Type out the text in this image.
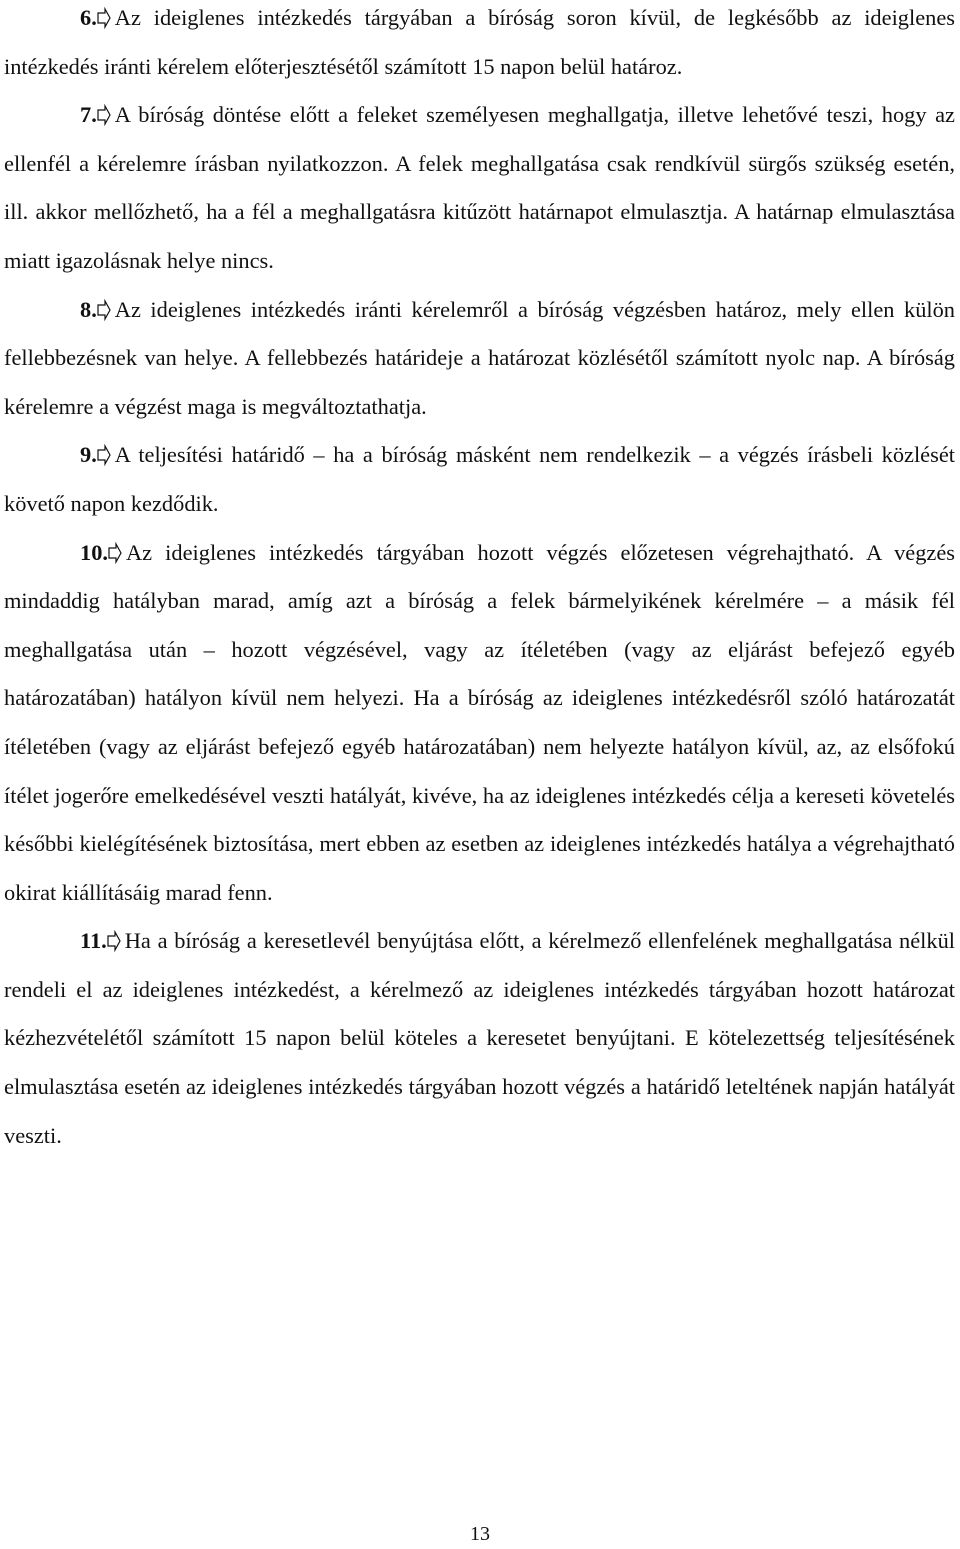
6. Az ideiglenes intézkedés tárgyában a bíróság soron kívül, de legkésőbb az ideiglenes intézkedés iránti kérelem előterjesztésétől számított 15 napon belül határoz.

7. A bíróság döntése előtt a feleket személyesen meghallgatja, illetve lehetővé teszi, hogy az ellenfél a kérelemre írásban nyilatkozzon. A felek meghallgatása csak rendkívül sürgős szükség esetén, ill. akkor mellőzhető, ha a fél a meghallgatásra kitűzött határnapot elmulasztja. A határnap elmulasztása miatt igazolásnak helye nincs.

8. Az ideiglenes intézkedés iránti kérelemről a bíróság végzésben határoz, mely ellen külön fellebbezésnek van helye. A fellebbezés határideje a határozat közlésétől számított nyolc nap. A bíróság kérelemre a végzést maga is megváltoztathatja.

9. A teljesítési határidő – ha a bíróság másként nem rendelkezik – a végzés írásbeli közlését követő napon kezdődik.

10. Az ideiglenes intézkedés tárgyában hozott végzés előzetesen végrehajtható. A végzés mindaddig hatályban marad, amíg azt a bíróság a felek bármelyikének kérelmére – a másik fél meghallgatása után – hozott végzésével, vagy az ítéletében (vagy az eljárást befejező egyéb határozatában) hatályon kívül nem helyezi. Ha a bíróság az ideiglenes intézkedésről szóló határozatát ítéletében (vagy az eljárást befejező egyéb határozatában) nem helyezte hatályon kívül, az, az elsőfokú ítélet jogerőre emelkedésével veszti hatályát, kivéve, ha az ideiglenes intézkedés célja a kereseti követelés későbbi kielégítésének biztosítása, mert ebben az esetben az ideiglenes intézkedés hatálya a végrehajtható okirat kiállításáig marad fenn.

11. Ha a bíróság a keresetlevél benyújtása előtt, a kérelmező ellenfelének meghallgatása nélkül rendeli el az ideiglenes intézkedést, a kérelmező az ideiglenes intézkedés tárgyában hozott határozat kézhezvételétől számított 15 napon belül köteles a keresetet benyújtani. E kötelezettség teljesítésének elmulasztása esetén az ideiglenes intézkedés tárgyában hozott végzés a határidő leteltének napján hatályát veszti.

13
